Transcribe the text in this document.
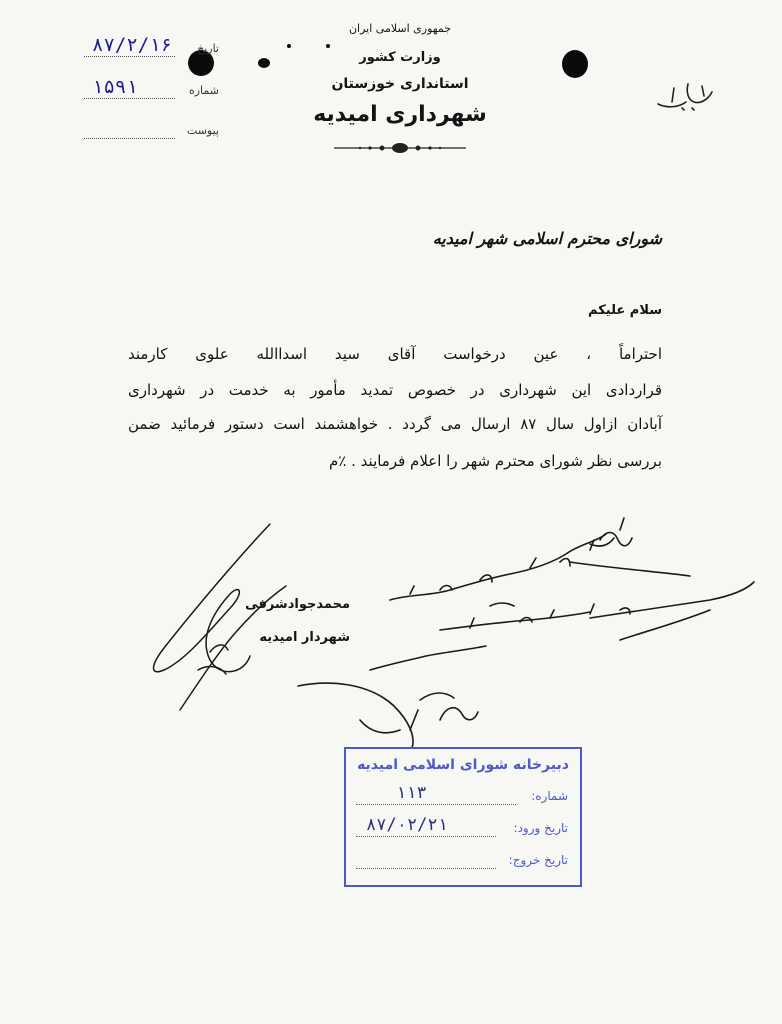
جمهوری اسلامی ایران
وزارت کشور
استانداری خوزستان
شهرداری امیدیه
تاریخ
۸۷/۲/۱۶
شماره
۱۵۹۱
پیوست
شورای محترم اسلامی شهر امیدیه
سلام علیکم
احتراماً ، عین درخواست آقای سید اسداالله علوی کارمند
قراردادی این شهرداری در خصوص تمدید مأمور به خدمت در شهرداری
آبادان ازاول سال ۸۷ ارسال می گردد . خواهشمند است دستور فرمائید ضمن
بررسی نظر شورای محترم شهر را اعلام فرمایند . ٪م
محمدجوادشرفی
شهردار امیدیه
دبیرخانه شورای اسلامی امیدیه
شماره:
۱۱۳
تاریخ ورود:
۸۷/۰۲/۲۱
تاریخ خروج:
